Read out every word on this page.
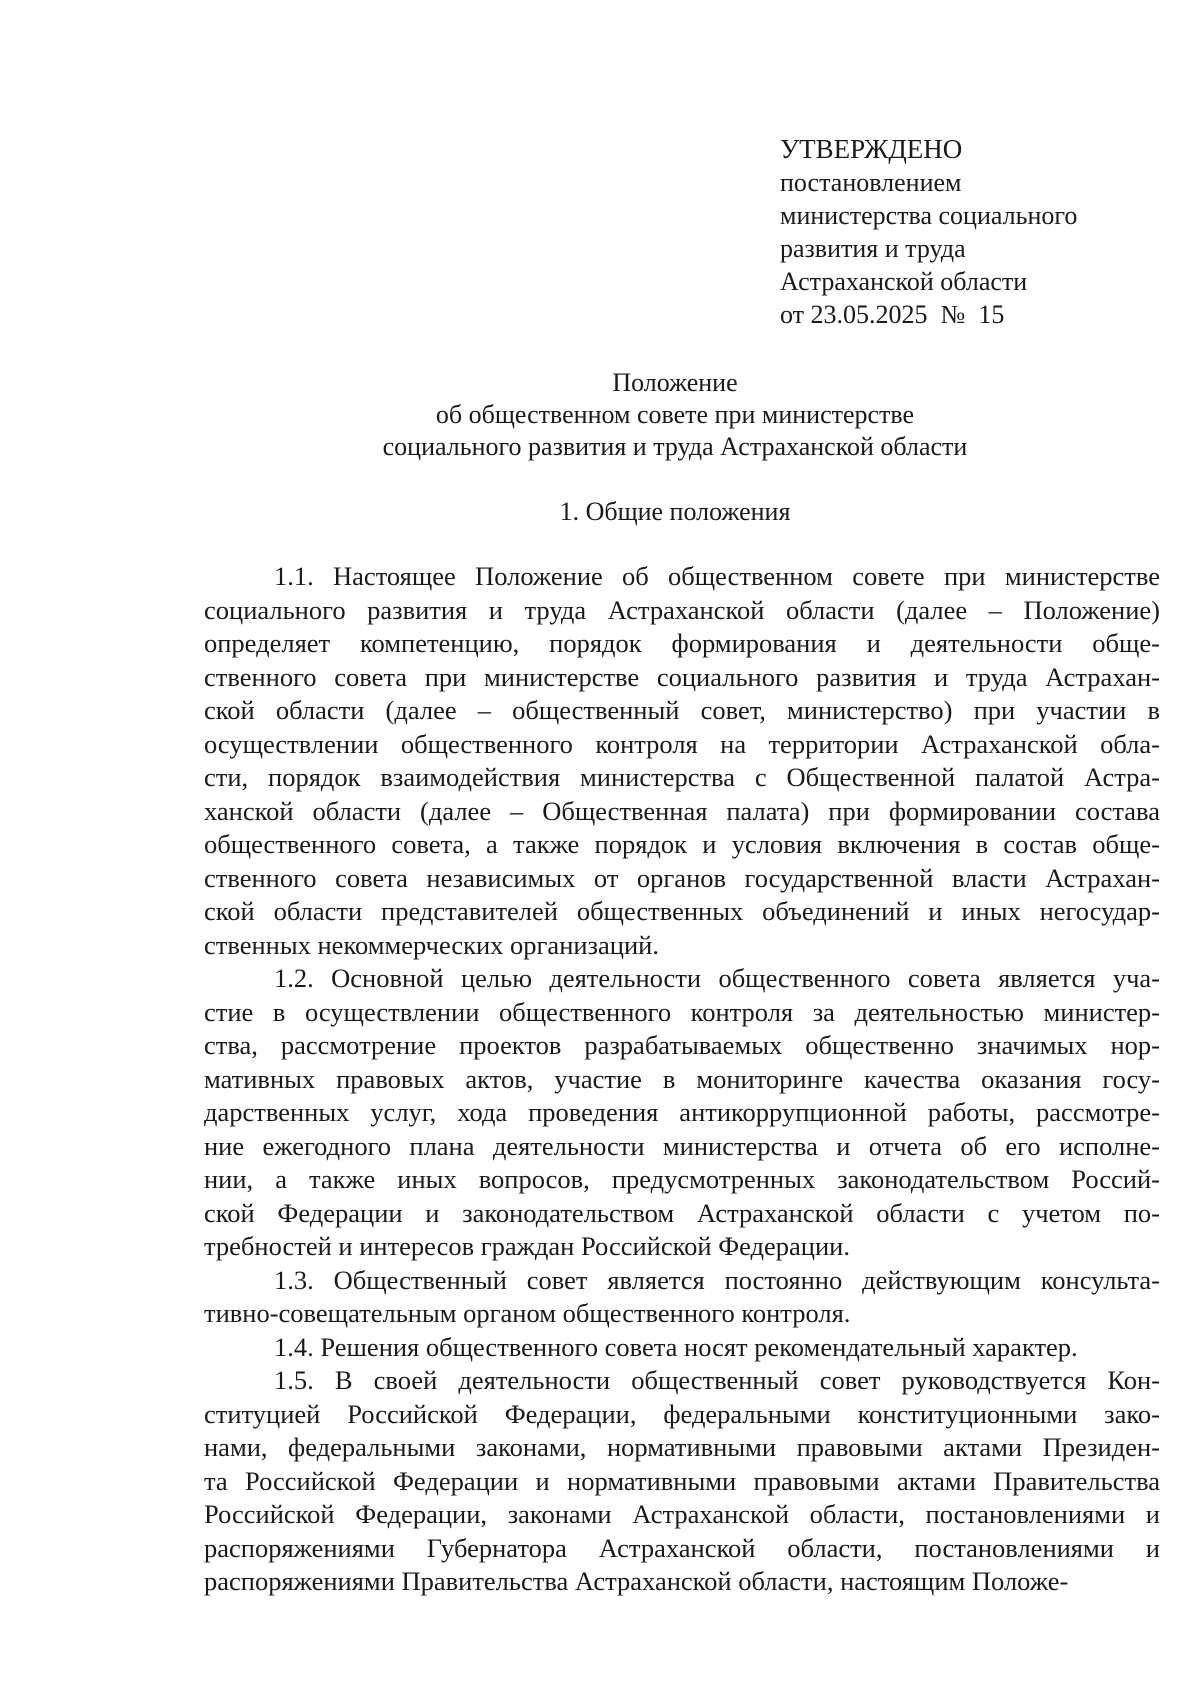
УТВЕРЖДЕНО
постановлением
министерства социального
развития и труда
Астраханской области
от 23.05.2025  №  15
Положение
об общественном совете при министерстве
социального развития и труда Астраханской области
1. Общие положения
1.1. Настоящее Положение об общественном совете при министерстве
социального развития и труда Астраханской области (далее – Положение)
определяет компетенцию, порядок формирования и деятельности обще-
ственного совета при министерстве социального развития и труда Астрахан-
ской области (далее – общественный совет, министерство) при участии в
осуществлении общественного контроля на территории Астраханской обла-
сти, порядок взаимодействия министерства с Общественной палатой Астра-
ханской области (далее – Общественная палата) при формировании состава
общественного совета, а также порядок и условия включения в состав обще-
ственного совета независимых от органов государственной власти Астрахан-
ской области представителей общественных объединений и иных негосудар-
ственных некоммерческих организаций.
1.2. Основной целью деятельности общественного совета является уча-
стие в осуществлении общественного контроля за деятельностью министер-
ства, рассмотрение проектов разрабатываемых общественно значимых нор-
мативных правовых актов, участие в мониторинге качества оказания госу-
дарственных услуг, хода проведения антикоррупционной работы, рассмотре-
ние ежегодного плана деятельности министерства и отчета об его исполне-
нии, а также иных вопросов, предусмотренных законодательством Россий-
ской Федерации и законодательством Астраханской области с учетом по-
требностей и интересов граждан Российской Федерации.
1.3. Общественный совет является постоянно действующим консульта-
тивно-совещательным органом общественного контроля.
1.4. Решения общественного совета носят рекомендательный характер.
1.5. В своей деятельности общественный совет руководствуется Кон-
ституцией Российской Федерации, федеральными конституционными зако-
нами, федеральными законами, нормативными правовыми актами Президен-
та Российской Федерации и нормативными правовыми актами Правительства
Российской Федерации, законами Астраханской области, постановлениями и
распоряжениями Губернатора Астраханской области, постановлениями и
распоряжениями Правительства Астраханской области, настоящим Положе-
